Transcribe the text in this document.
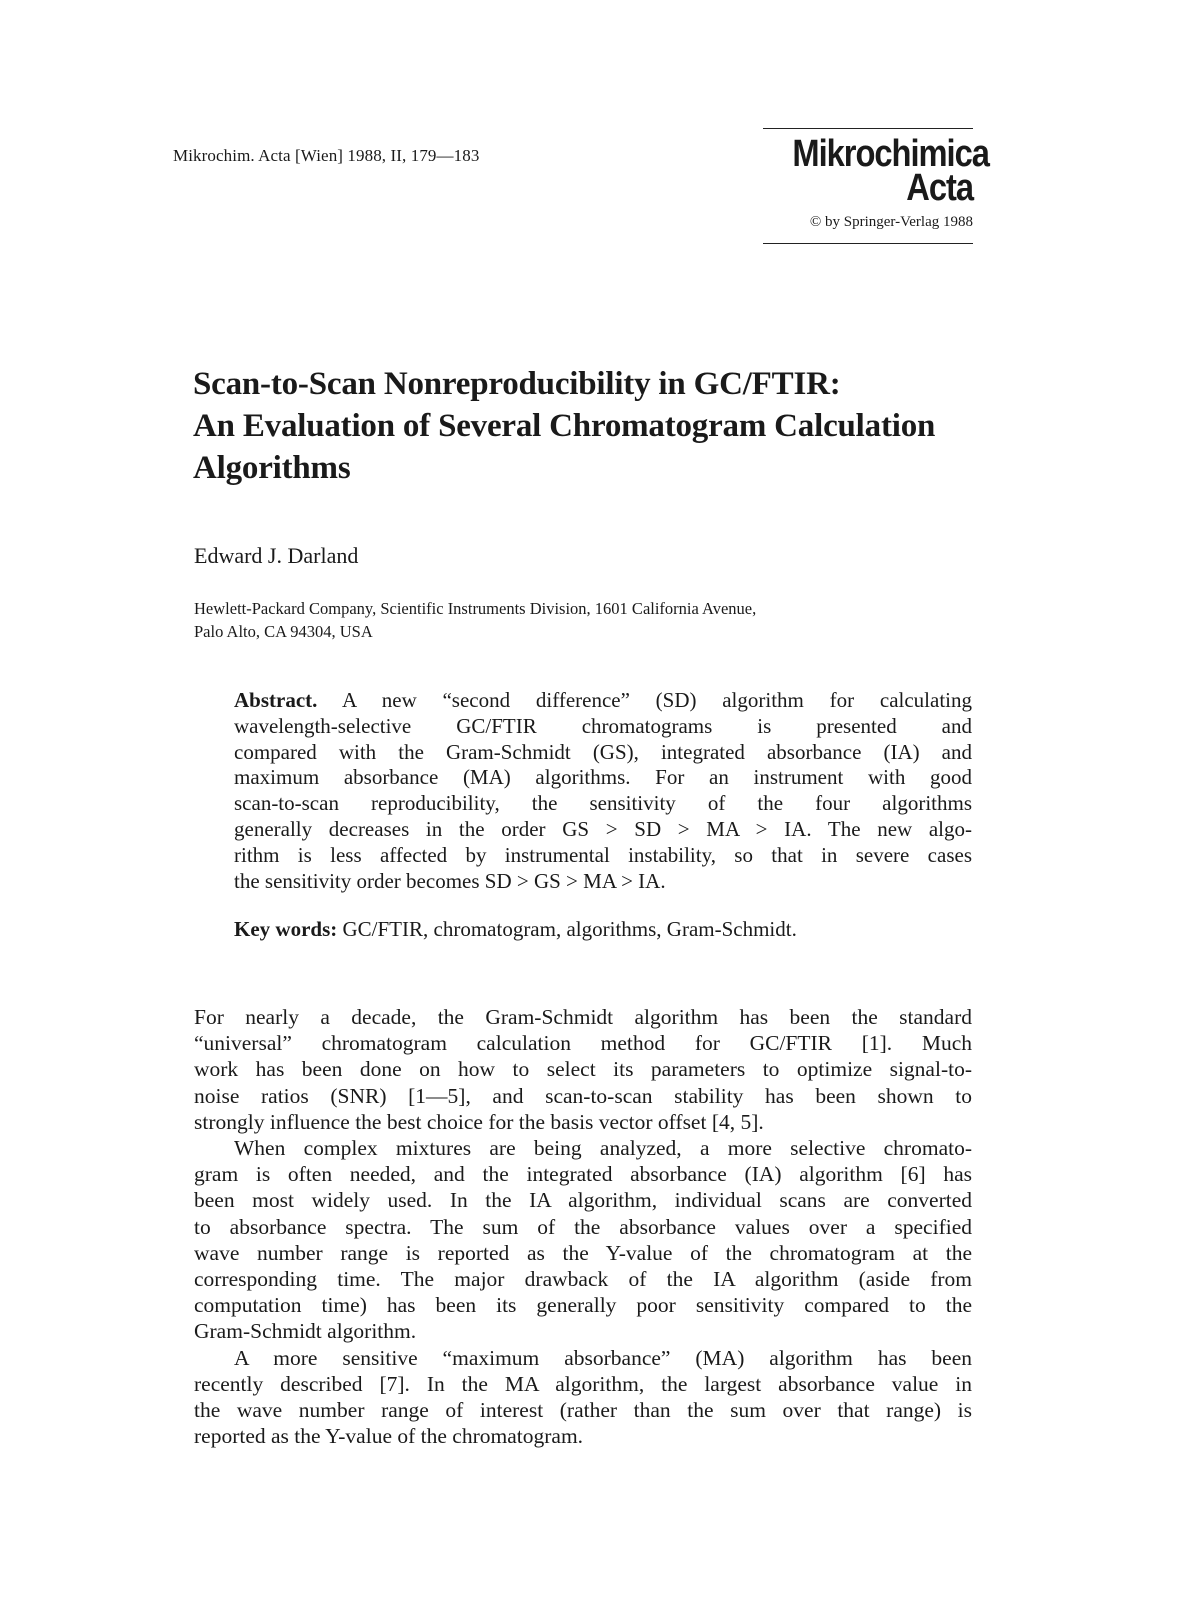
Mikrochim. Acta [Wien] 1988, II, 179—183	Mikrochimica
Acta
© by Springer-Verlag 1988
Scan-to-Scan Nonreproducibility in GC/FTIR:
An Evaluation of Several Chromatogram Calculation
Algorithms
Edward J. Darland
Hewlett-Packard Company, Scientific Instruments Division, 1601 California Avenue,
Palo Alto, CA 94304, USA
Abstract. A new “second difference” (SD) algorithm for calculating
wavelength-selective GC/FTIR chromatograms is presented and
compared with the Gram-Schmidt (GS), integrated absorbance (IA) and
maximum absorbance (MA) algorithms. For an instrument with good
scan-to-scan reproducibility, the sensitivity of the four algorithms
generally decreases in the order GS > SD > MA > IA. The new algo-
rithm is less affected by instrumental instability, so that in severe cases
the sensitivity order becomes SD > GS > MA > IA.
Key words: GC/FTIR, chromatogram, algorithms, Gram-Schmidt.
For nearly a decade, the Gram-Schmidt algorithm has been the standard
“universal” chromatogram calculation method for GC/FTIR [1]. Much
work has been done on how to select its parameters to optimize signal-to-
noise ratios (SNR) [1—5], and scan-to-scan stability has been shown to
strongly influence the best choice for the basis vector offset [4, 5].
When complex mixtures are being analyzed, a more selective chromato-
gram is often needed, and the integrated absorbance (IA) algorithm [6] has
been most widely used. In the IA algorithm, individual scans are converted
to absorbance spectra. The sum of the absorbance values over a specified
wave number range is reported as the Y-value of the chromatogram at the
corresponding time. The major drawback of the IA algorithm (aside from
computation time) has been its generally poor sensitivity compared to the
Gram-Schmidt algorithm.
A more sensitive “maximum absorbance” (MA) algorithm has been
recently described [7]. In the MA algorithm, the largest absorbance value in
the wave number range of interest (rather than the sum over that range) is
reported as the Y-value of the chromatogram.
